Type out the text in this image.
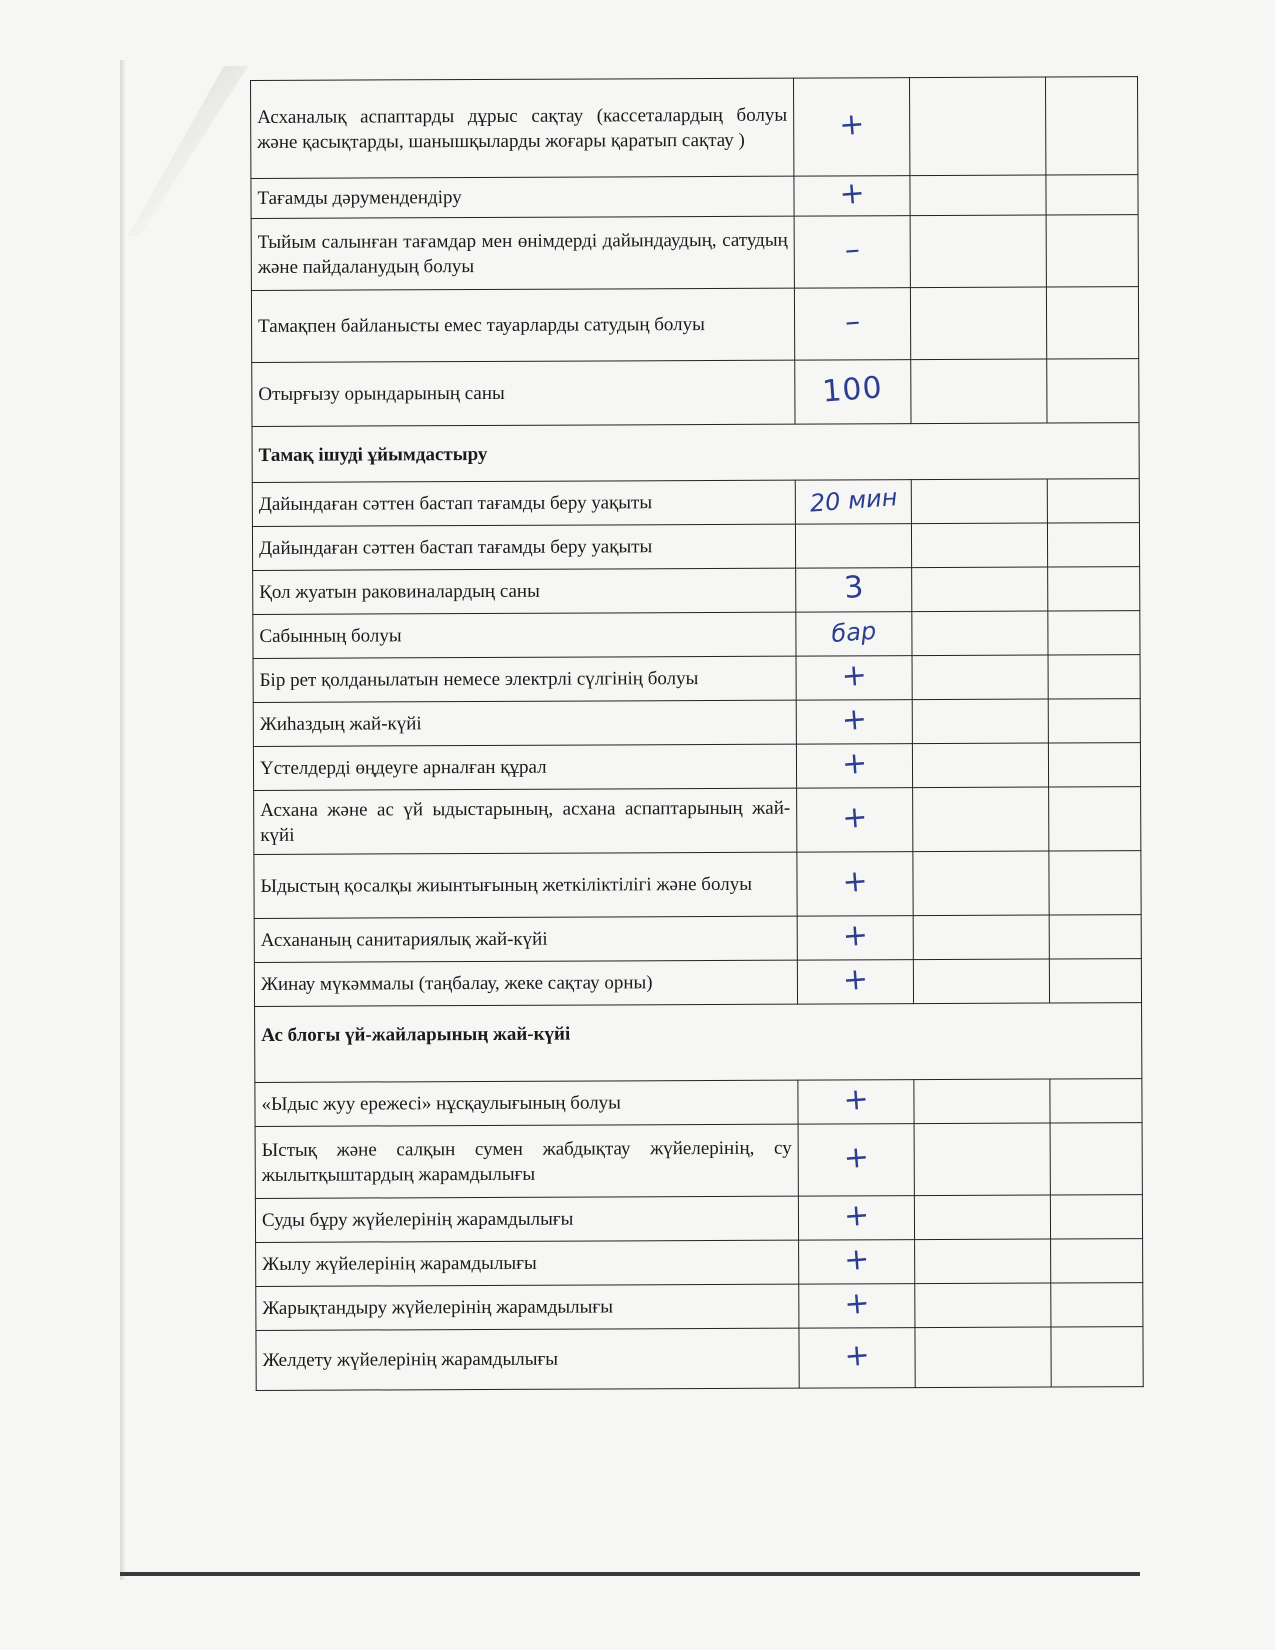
Асханалық аспаптарды дұрыс сақтау (кассеталардың болуы және қасықтарды, шанышқыларды жоғары қаратып сақтау )	+		
Тағамды дәрумендендіру	+		
Тыйым салынған тағамдар мен өнімдерді дайындаудың, сатудың және пайдаланудың болуы	–		
Тамақпен байланысты емес тауарларды сатудың болуы	–		
Отырғызу орындарының саны	100		
Тамақ ішуді ұйымдастыру			
Дайындаған сәттен бастап тағамды беру уақыты	20 мин		
Дайындаған сәттен бастап тағамды беру уақыты			
Қол жуатын раковиналардың саны	3		
Сабынның болуы	бар		
Бір рет қолданылатын немесе электрлі сүлгінің болуы	+		
Жиһаздың жай-күйі	+		
Үстелдерді өңдеуге арналған құрал	+		
Асхана және ас үй ыдыстарының, асхана аспаптарының жай-күйі	+		
Ыдыстың қосалқы жиынтығының жеткіліктілігі және болуы	+		
Асхананың санитариялық жай-күйі	+		
Жинау мүкәммалы (таңбалау, жеке сақтау орны)	+		
Ас блогы үй-жайларының жай-күйі			
«Ыдыс жуу ережесі» нұсқаулығының болуы	+		
Ыстық және салқын сумен жабдықтау жүйелерінің, су жылытқыштардың жарамдылығы	+		
Суды бұру жүйелерінің жарамдылығы	+		
Жылу жүйелерінің жарамдылығы	+		
Жарықтандыру жүйелерінің жарамдылығы	+		
Желдету жүйелерінің жарамдылығы	+		
